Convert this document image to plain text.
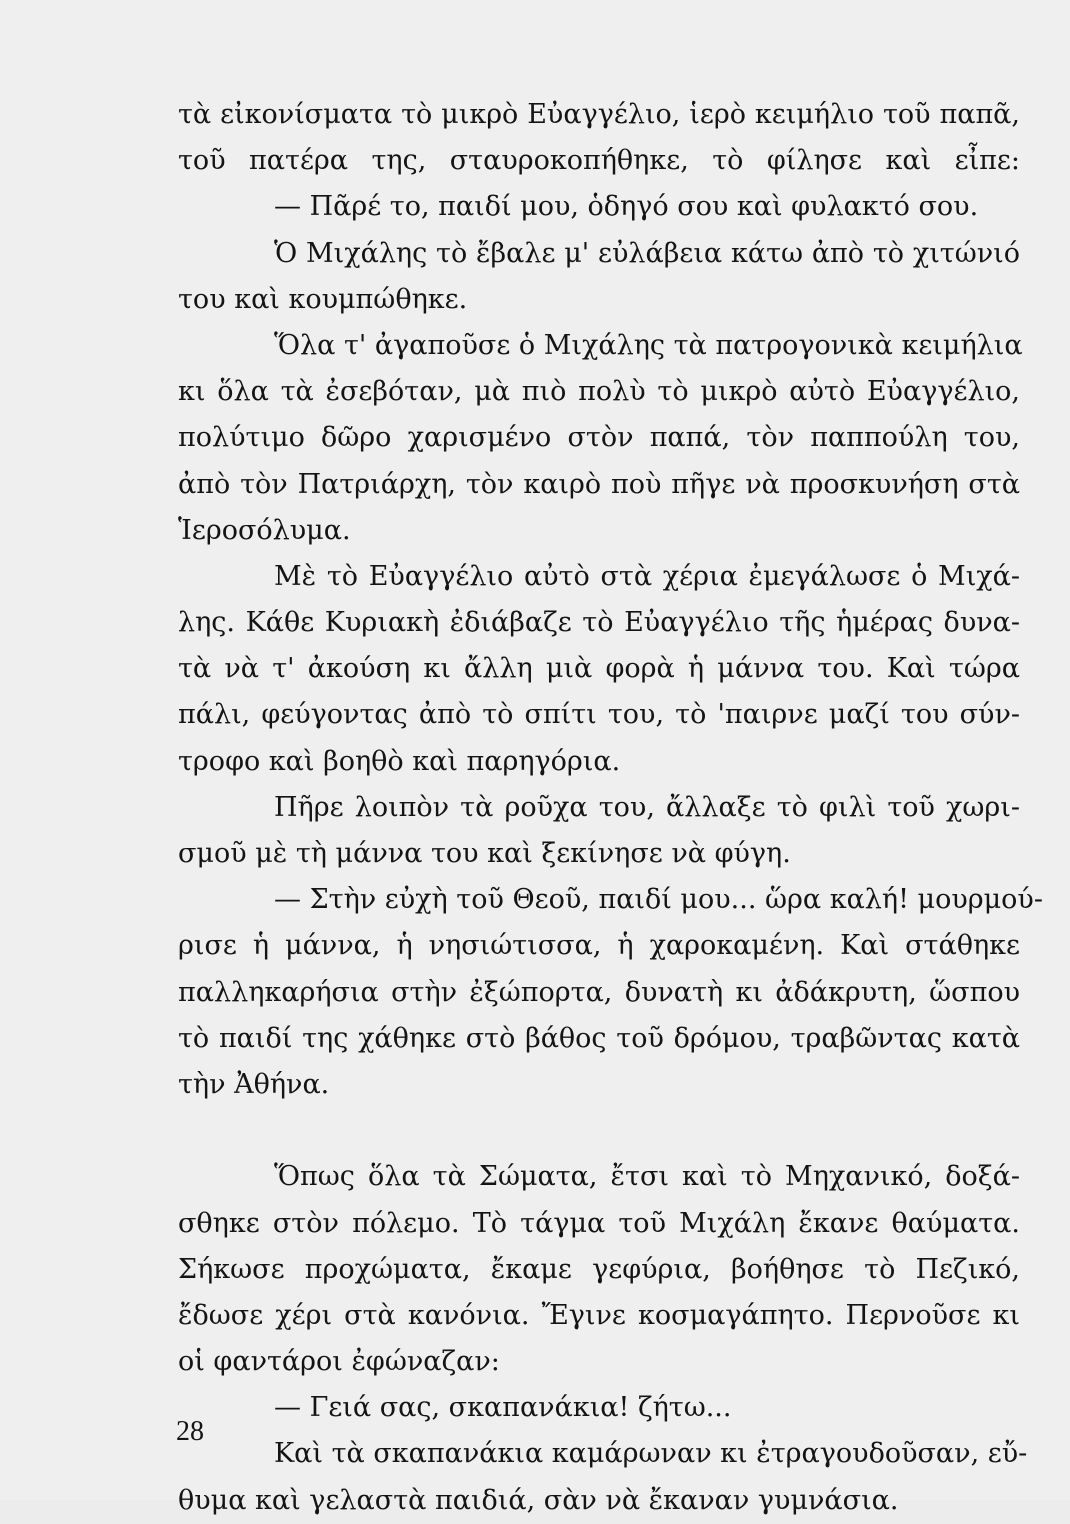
τὰ εἰκονίσματα τὸ μικρὸ Εὐαγγέλιο, ἱερὸ κειμήλιο τοῦ παπᾶ,
τοῦ πατέρα της, σταυροκοπήθηκε, τὸ φίλησε καὶ εἶπε:
— Πᾶρέ το, παιδί μου, ὁδηγό σου καὶ φυλακτό σου.
Ὁ Μιχάλης τὸ ἔβαλε μ' εὐλάβεια κάτω ἀπὸ τὸ χιτώνιό
του καὶ κουμπώθηκε.
Ὅλα τ' ἀγαποῦσε ὁ Μιχάλης τὰ πατρογονικὰ κειμήλια
κι ὅλα τὰ ἐσεβόταν, μὰ πιὸ πολὺ τὸ μικρὸ αὐτὸ Εὐαγγέλιο,
πολύτιμο δῶρο χαρισμένο στὸν παπά, τὸν παππούλη του,
ἀπὸ τὸν Πατριάρχη, τὸν καιρὸ ποὺ πῆγε νὰ προσκυνήση στὰ
Ἱεροσόλυμα.
Μὲ τὸ Εὐαγγέλιο αὐτὸ στὰ χέρια ἐμεγάλωσε ὁ Μιχά-
λης. Κάθε Κυριακὴ ἐδιάβαζε τὸ Εὐαγγέλιο τῆς ἡμέρας δυνα-
τὰ νὰ τ' ἀκούση κι ἄλλη μιὰ φορὰ ἡ μάννα του. Καὶ τώρα
πάλι, φεύγοντας ἀπὸ τὸ σπίτι του, τὸ 'παιρνε μαζί του σύν-
τροφο καὶ βοηθὸ καὶ παρηγόρια.
Πῆρε λοιπὸν τὰ ροῦχα του, ἄλλαξε τὸ φιλὶ τοῦ χωρι-
σμοῦ μὲ τὴ μάννα του καὶ ξεκίνησε νὰ φύγη.
— Στὴν εὐχὴ τοῦ Θεοῦ, παιδί μου... ὥρα καλή! μουρμού-
ρισε ἡ μάννα, ἡ νησιώτισσα, ἡ χαροκαμένη. Καὶ στάθηκε
παλληκαρήσια στὴν ἐξώπορτα, δυνατὴ κι ἀδάκρυτη, ὥσπου
τὸ παιδί της χάθηκε στὸ βάθος τοῦ δρόμου, τραβῶντας κατὰ
τὴν Ἀθήνα.
Ὅπως ὅλα τὰ Σώματα, ἔτσι καὶ τὸ Μηχανικό, δοξά-
σθηκε στὸν πόλεμο. Τὸ τάγμα τοῦ Μιχάλη ἔκανε θαύματα.
Σήκωσε προχώματα, ἔκαμε γεφύρια, βοήθησε τὸ Πεζικό,
ἔδωσε χέρι στὰ κανόνια. Ἔγινε κοσμαγάπητο. Περνοῦσε κι
οἱ φαντάροι ἐφώναζαν:
— Γειά σας, σκαπανάκια! ζήτω...
Καὶ τὰ σκαπανάκια καμάρωναν κι ἐτραγουδοῦσαν, εὔ-
θυμα καὶ γελαστὰ παιδιά, σὰν νὰ ἔκαναν γυμνάσια.
28
